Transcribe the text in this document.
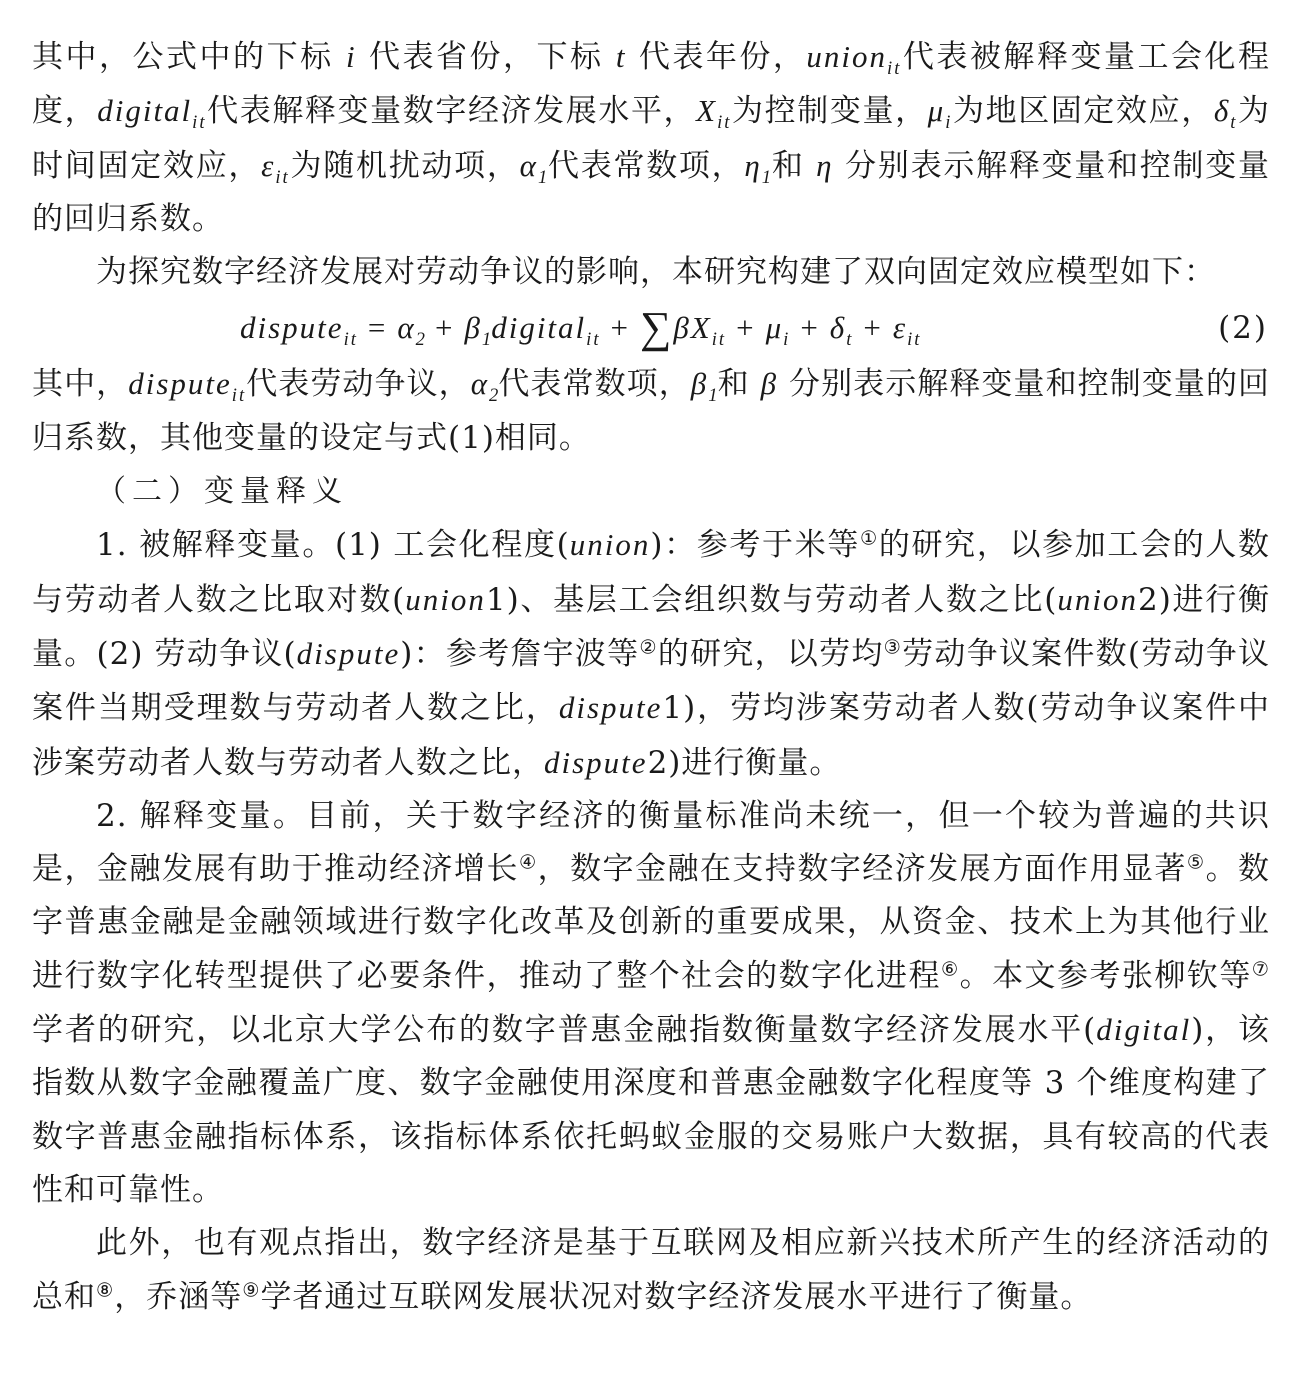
其中，公式中的下标 i 代表省份，下标 t 代表年份，union$_{it}$代表被解释变量工会化程度，digital$_{it}$代表解释变量数字经济发展水平，$X_{it}$为控制变量，$\mu_i$为地区固定效应，$\delta_t$为时间固定效应，$\varepsilon_{it}$为随机扰动项，$\alpha_1$代表常数项，$\eta_1$和 η 分别表示解释变量和控制变量的回归系数。

为探究数字经济发展对劳动争议的影响，本研究构建了双向固定效应模型如下：

dispute$_{it}$ = $\alpha_2$ + $\beta_1digital_{it} + \sum\beta X_{it} + \mu_i + \delta_t + \varepsilon_{it}$	(2)

其中，dispute$_{it}$代表劳动争议，$\alpha_2$代表常数项，$\beta_1$和 β 分别表示解释变量和控制变量的回归系数，其他变量的设定与式(1)相同。

（二）变量释义

1. 被解释变量。(1) 工会化程度(union)：参考于米等①的研究，以参加工会的人数与劳动者人数之比取对数(union1)、基层工会组织数与劳动者人数之比(union2)进行衡量。(2) 劳动争议(dispute)：参考詹宇波等②的研究，以劳均③劳动争议案件数(劳动争议案件当期受理数与劳动者人数之比，dispute1)，劳均涉案劳动者人数(劳动争议案件中涉案劳动者人数与劳动者人数之比，dispute2)进行衡量。

2. 解释变量。目前，关于数字经济的衡量标准尚未统一，但一个较为普遍的共识是，金融发展有助于推动经济增长④，数字金融在支持数字经济发展方面作用显著⑤。数字普惠金融是金融领域进行数字化改革及创新的重要成果，从资金、技术上为其他行业进行数字化转型提供了必要条件，推动了整个社会的数字化进程⑥。本文参考张柳钦等⑦学者的研究，以北京大学公布的数字普惠金融指数衡量数字经济发展水平(digital)，该指数从数字金融覆盖广度、数字金融使用深度和普惠金融数字化程度等 3 个维度构建了数字普惠金融指标体系，该指标体系依托蚂蚁金服的交易账户大数据，具有较高的代表性和可靠性。

此外，也有观点指出，数字经济是基于互联网及相应新兴技术所产生的经济活动的总和⑧，乔涵等⑨学者通过互联网发展状况对数字经济发展水平进行了衡量。
